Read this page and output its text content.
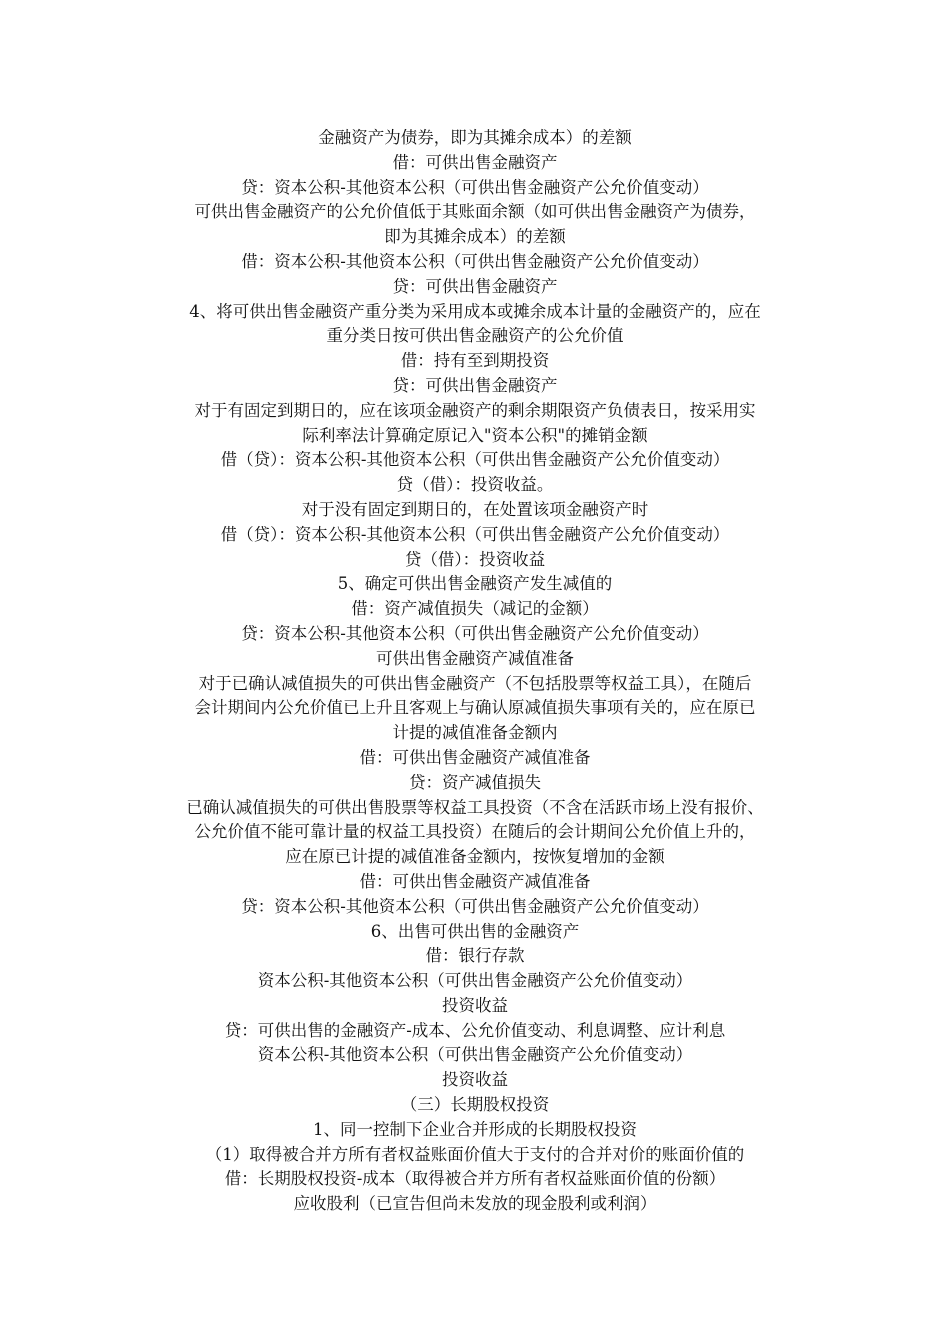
金融资产为债券，即为其摊余成本）的差额
借：可供出售金融资产
贷：资本公积-其他资本公积（可供出售金融资产公允价值变动）
可供出售金融资产的公允价值低于其账面余额（如可供出售金融资产为债券，
即为其摊余成本）的差额
借：资本公积-其他资本公积（可供出售金融资产公允价值变动）
贷：可供出售金融资产
4、将可供出售金融资产重分类为采用成本或摊余成本计量的金融资产的，应在
重分类日按可供出售金融资产的公允价值
借：持有至到期投资
贷：可供出售金融资产
对于有固定到期日的，应在该项金融资产的剩余期限资产负债表日，按采用实
际利率法计算确定原记入"资本公积"的摊销金额
借（贷）：资本公积-其他资本公积（可供出售金融资产公允价值变动）
贷（借）：投资收益。
对于没有固定到期日的，在处置该项金融资产时
借（贷）：资本公积-其他资本公积（可供出售金融资产公允价值变动）
贷（借）：投资收益
5、确定可供出售金融资产发生减值的
借：资产减值损失（减记的金额）
贷：资本公积-其他资本公积（可供出售金融资产公允价值变动）
可供出售金融资产减值准备
对于已确认减值损失的可供出售金融资产（不包括股票等权益工具），在随后
会计期间内公允价值已上升且客观上与确认原减值损失事项有关的，应在原已
计提的减值准备金额内
借：可供出售金融资产减值准备
贷：资产减值损失
已确认减值损失的可供出售股票等权益工具投资（不含在活跃市场上没有报价、
公允价值不能可靠计量的权益工具投资）在随后的会计期间公允价值上升的，
应在原已计提的减值准备金额内，按恢复增加的金额
借：可供出售金融资产减值准备
贷：资本公积-其他资本公积（可供出售金融资产公允价值变动）
6、出售可供出售的金融资产
借：银行存款
资本公积-其他资本公积（可供出售金融资产公允价值变动）
投资收益
贷：可供出售的金融资产-成本、公允价值变动、利息调整、应计利息
资本公积-其他资本公积（可供出售金融资产公允价值变动）
投资收益
（三）长期股权投资
1、同一控制下企业合并形成的长期股权投资
（1）取得被合并方所有者权益账面价值大于支付的合并对价的账面价值的
借：长期股权投资-成本（取得被合并方所有者权益账面价值的份额）
应收股利（已宣告但尚未发放的现金股利或利润）
